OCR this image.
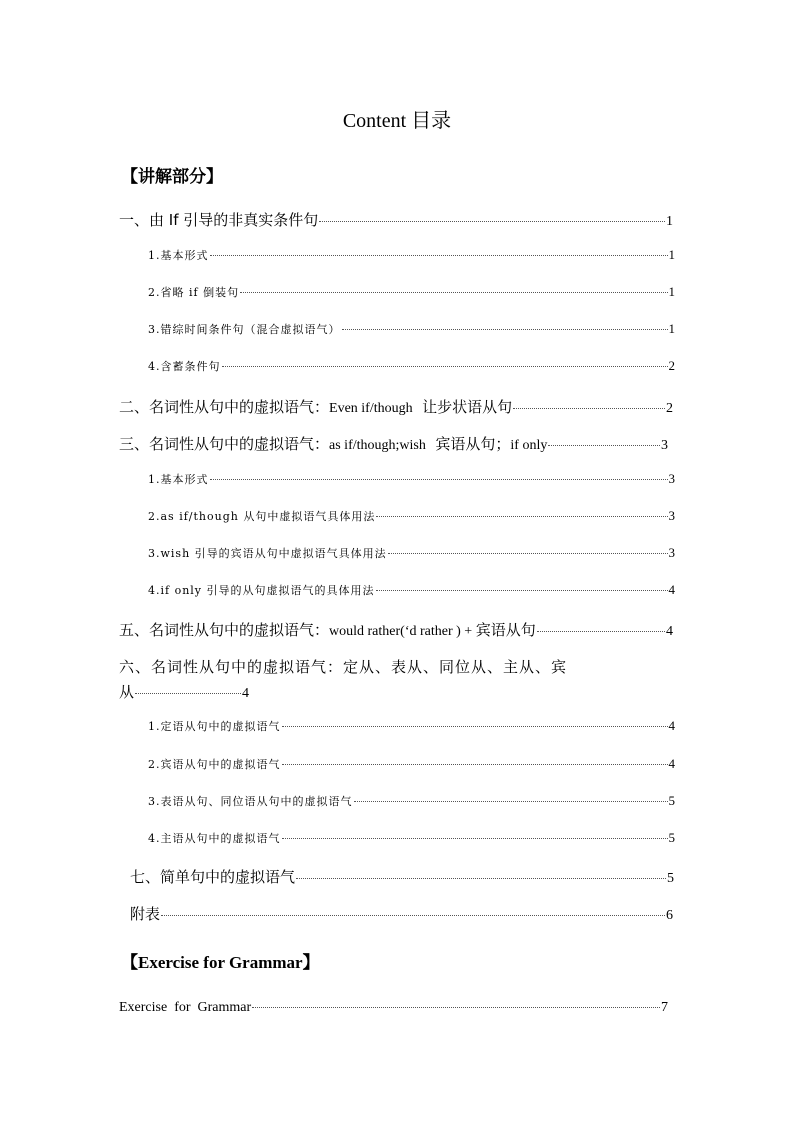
Content 目录
【讲解部分】
一、由 If 引导的非真实条件句	1
1.基本形式	1
2.省略 if 倒装句	1
3.错综时间条件句（混合虚拟语气）	1
4.含蓄条件句	2
二、名词性从句中的虚拟语气：Even if/though  让步状语从句	2
三、名词性从句中的虚拟语气：as if/though;wish  宾语从句；if only	3
1.基本形式	3
2.as if/though 从句中虚拟语气具体用法	3
3.wish 引导的宾语从句中虚拟语气具体用法	3
4.if only 引导的从句虚拟语气的具体用法	4
五、名词性从句中的虚拟语气：would rather(‘d rather ) + 宾语从句	4
六、名词性从句中的虚拟语气：定从、表从、同位从、主从、宾
从	4
1.定语从句中的虚拟语气	4
2.宾语从句中的虚拟语气	4
3.表语从句、同位语从句中的虚拟语气	5
4.主语从句中的虚拟语气	5
七、简单句中的虚拟语气	5
附表	6
【Exercise for Grammar】
Exercise  for  Grammar	7
